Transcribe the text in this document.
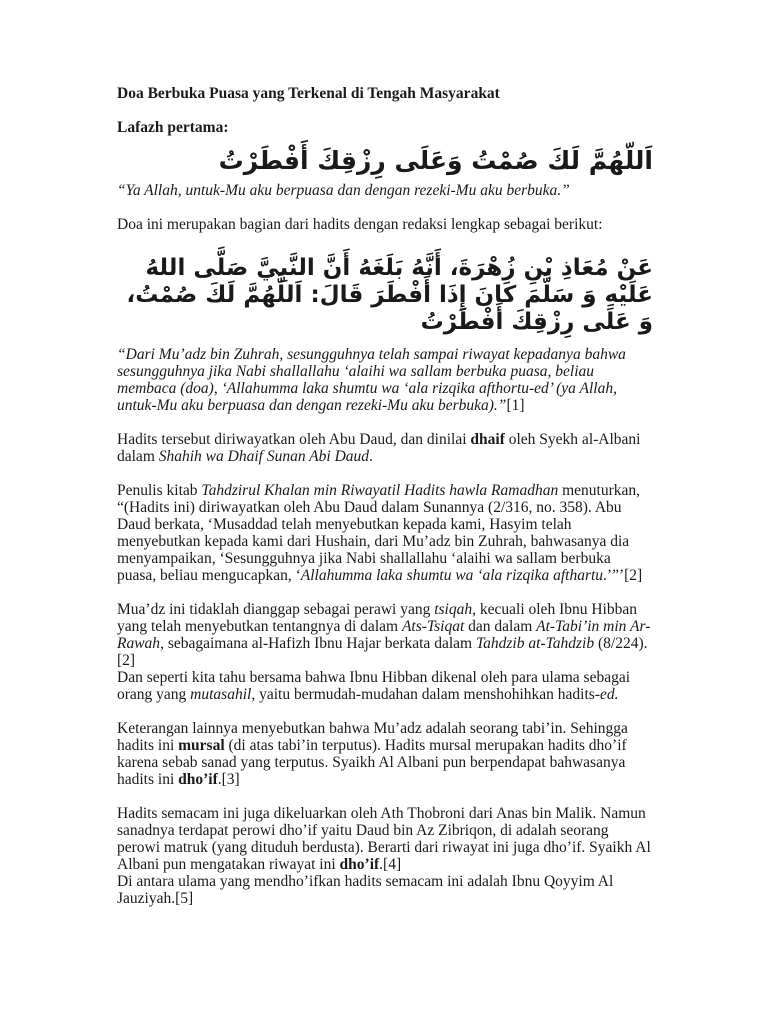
Doa Berbuka Puasa yang Terkenal di Tengah Masyarakat

Lafazh pertama:

اَللّهُمَّ لَكَ صُمْتُ وَعَلَى رِزْقِكَ أَفْطَرْتُ

“Ya Allah, untuk-Mu aku berpuasa dan dengan rezeki-Mu aku berbuka.”

Doa ini merupakan bagian dari hadits dengan redaksi lengkap sebagai berikut:

عَنْ مُعَاذِ بْنِ زُهْرَةَ، أَنَّهُ بَلَغَهُ أَنَّ النَّبِيَّ صَلَّى اللهُ عَلَيْهِ وَ سَلَّمَ كَانَ إِذَا أَفْطَرَ قَالَ: اَللَّهُمَّ لَكَ صُمْتُ، وَ عَلَى رِزْقِكَ أَفْطَرْتُ

“Dari Mu’adz bin Zuhrah, sesungguhnya telah sampai riwayat kepadanya bahwa sesungguhnya jika Nabi shallallahu ‘alaihi wa sallam berbuka puasa, beliau membaca (doa), ‘Allahumma laka shumtu wa ‘ala rizqika afthortu-ed’ (ya Allah, untuk-Mu aku berpuasa dan dengan rezeki-Mu aku berbuka).”[1]

Hadits tersebut diriwayatkan oleh Abu Daud, dan dinilai dhaif oleh Syekh al-Albani dalam Shahih wa Dhaif Sunan Abi Daud.

Penulis kitab Tahdzirul Khalan min Riwayatil Hadits hawla Ramadhan menuturkan, “(Hadits ini) diriwayatkan oleh Abu Daud dalam Sunannya (2/316, no. 358). Abu Daud berkata, ‘Musaddad telah menyebutkan kepada kami, Hasyim telah menyebutkan kepada kami dari Hushain, dari Mu’adz bin Zuhrah, bahwasanya dia menyampaikan, ‘Sesungguhnya jika Nabi shallallahu ‘alaihi wa sallam berbuka puasa, beliau mengucapkan, ‘Allahumma laka shumtu wa ‘ala rizqika afthartu.’”’[2]

Mua’dz ini tidaklah dianggap sebagai perawi yang tsiqah, kecuali oleh Ibnu Hibban yang telah menyebutkan tentangnya di dalam Ats-Tsiqat dan dalam At-Tabi’in min Ar-Rawah, sebagaimana al-Hafizh Ibnu Hajar berkata dalam Tahdzib at-Tahdzib (8/224).[2]

Dan seperti kita tahu bersama bahwa Ibnu Hibban dikenal oleh para ulama sebagai orang yang mutasahil, yaitu bermudah-mudahan dalam menshohihkan hadits-ed.

Keterangan lainnya menyebutkan bahwa Mu’adz adalah seorang tabi’in. Sehingga hadits ini mursal (di atas tabi’in terputus). Hadits mursal merupakan hadits dho’if karena sebab sanad yang terputus. Syaikh Al Albani pun berpendapat bahwasanya hadits ini dho’if.[3]

Hadits semacam ini juga dikeluarkan oleh Ath Thobroni dari Anas bin Malik. Namun sanadnya terdapat perowi dho’if yaitu Daud bin Az Zibriqon, di adalah seorang perowi matruk (yang dituduh berdusta). Berarti dari riwayat ini juga dho’if. Syaikh Al Albani pun mengatakan riwayat ini dho’if.[4]

Di antara ulama yang mendho’ifkan hadits semacam ini adalah Ibnu Qoyyim Al Jauziyah.[5]
